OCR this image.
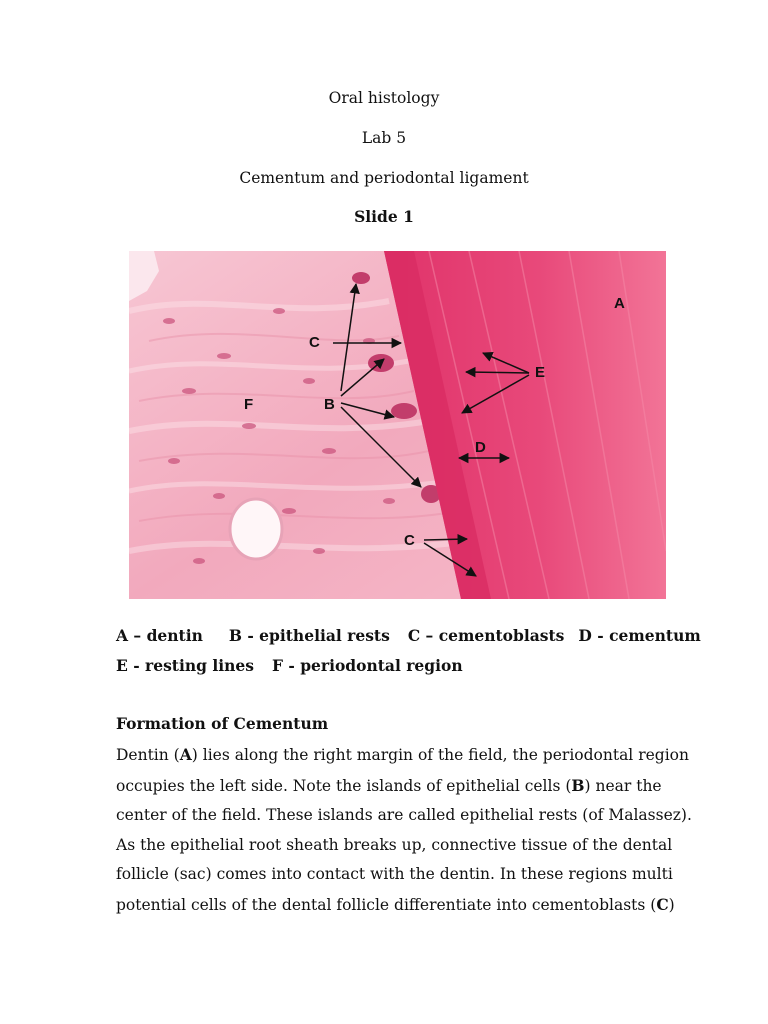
Oral histology

Lab 5

Cementum and periodontal ligament

Slide 1

A
C
B
F
E
D
C

A – dentin B - epithelial rests C – cementoblasts D - cementum

E - resting lines F - periodontal region

Formation of Cementum

Dentin (A) lies along the right margin of the field, the periodontal region
occupies the left side. Note the islands of epithelial cells (B) near the
center of the field. These islands are called epithelial rests (of Malassez).
As the epithelial root sheath breaks up, connective tissue of the dental
follicle (sac) comes into contact with the dentin. In these regions multi
potential cells of the dental follicle differentiate into cementoblasts (C)
